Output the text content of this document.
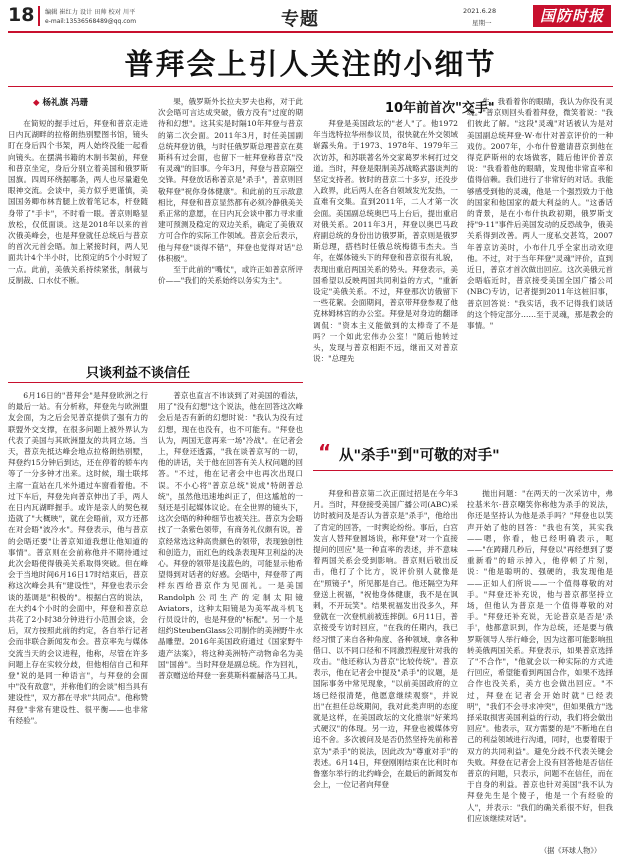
18 编辑 崔红力 设计 田帅 校对 川平
e-mail:13536568489@qq.com	专题	2021.6.28
星期一	国防时报
普拜会上引人关注的小细节
◆ 杨礼旗 冯珊

在简短的握手过后，拜登和普京走进日内瓦湖畔的拉格朗热别墅图书馆，镜头盯在身后四个书架，两人始终没能一起看向镜头。在摆满书籍的木制书架前，拜登和普京坐定，身后分别立着美国和俄罗斯国旗。四周环绕据哪条，两人也尽量避免眼神交流。会谈中，美方似乎更谨慎，美国国务卿布林肯腿上放着笔记本，杆登随身带了"手卡"，不时看一眼。普京则略显放松，仅低面谈。这是2018年以来的首次俄美峰会，也是拜登就任总统后与普京的首次元首会晤。加上紧接时间，两人见面共计4个半小时，比预定的5个小时短了一点。此前，美俄关系持续紧张，制裁与反制裁、口水仗不断。

果，俄罗斯外长拉夫罗夫也称，对于此次会晤可言达成突破，俄方没有"过度的期待和幻想"。这其实是时隔10年拜登与普京的第二次会面。2011年3月，时任美国副总统拜登访俄，与时任俄罗斯总理普京在莫斯科有过会面，也留下一桩拜登称普京"没有灵魂"的旧事。今年3月，拜登与普京隔空交锋。拜登放话称普京是"杀手"，普京则回敬拜登"祝你身体健康"。和此前的互示敌意相比，拜登和普京显然都有必须冷静俄美关系正常的意愿，在日内瓦会谈中都力寻求重建可预测及稳定的双边关系，确定了美俄双方可合作的实际工作领域。普京会后表示，他与拜登"谈得不错"，拜登也觉得对话"总体积极"。

至于此前的"嘴仗"，或许正如普京所评价——"我们的关系始终以务实为主"。

只谈利益不谈信任

6月16日的"普拜会"是拜登欧洲之行的最后一站。有分析称，拜登先与欧洲盟友会面，为之后会见普京提供了强有力的联盟外交支撑，在很多问题上被外界认为代表了美国与其欧洲盟友的共同立场。当天，普京先抵达峰会地点拉格朗热别墅，拜登约15分钟后到达，还在停着的轿车内等了一分多钟才出来。这时候，瑞士联邦主席一直站在几米外通过车窗看着他。不过下车后，拜登先向普京伸出了手，两人在日内瓦湖畔握手。或许是亲人的契色视造就了"大概映"，就在会晤前，双方还都在对会晤"波冷水"。拜登表示，他与普京的会晤还要"让普京知道我想让他知道的事情"。普京则在会前称他并不期待通过此次会晤使得俄美关系取得突破。但在峰会于当地时间6月16日17时结束后，普京称这次峰会具有"建设性"，拜登也表示会谈的基调是"积极的"。根据白宫的说法，在大约4个小时的会面中，拜登和普京总共花了2小时38分钟进行小范围会谈，会后，双方按照此前的约定，各自举行记者会而非联合新闻发布会。普京率先与媒体交流当天的会议进程，他称，尽管在许多问题上存在实较分歧，但他相信自己和拜登"说的是同一种语言"，与拜登的会面中"没有敌意"，并称他们的会谈"相当具有建设性"，双方都在寻求"共同点"。他称赞拜登"非常有建设性、很平衡——也非常有经验"。

普京也直言不讳谈到了对美国的看法，用了"没有幻想"这个说法，他在回答这次峰会后是否有新的幻想时说："我认为没有过幻想，现在也没有，也不可能有。"拜登也认为，两国无意再来一场"冷战"。在记者会上，拜登还透露，"我在谈普京写的一切，他的讲话，关于他在回答有关人权问题的回答。"不过，他在记者会中也再次出现口误。不小心将"普京总统"说成"特朗普总统"，虽然他迅速地纠正了，但这尴尬的一刻还是引起媒体议论。在全世界的镜头下，这次会晤的种种细节也被关注。普京为会晤找了一条紫色领带，有商务礼仪颇有说，普京经常选这种高贵颜色的领带，表现独创性和创造力，而红色的线条表现拜卫利益的决心。拜登的领带是浅蓝色的，可能显示他希望得到对话者的好感。会晤中，拜登带了两样东西给普京作为见面礼。一是美国Randolph公司生产的定制太阳镜Aviators，这种太阳镜是为美军战斗机飞行员设计的，也是拜登的"标配"。另一个是纽约SteubenGlass公司制作的美洲野牛水晶雕塑。2016年美国政府通过《国家野牛遗产法案》，将这种美洲特产动物命名为美国"国兽"。当时拜登是副总统。作为回礼，普京赠送给拜登一套莫斯科霍赫洛马工具。

10年前首次"交手"

拜登是美国政坛的"老人"了。他1972年当选特拉华州参议员，很快就在外交领域崭露头角。于1973、1978年、1979年三次访苏，和苏联著名外交家葛罗米柯打过交道。当时，拜登是限制美苏战略武器谈判的坚定支持者。彼时的普京二十多岁，还没步入政界，此后两人在各自领域发光发热，一直难有交集。直到2011年，二人才第一次会面。美国副总统奥巴马上台后，提出重启对俄关系。2011年3月，拜登以奥巴马政府副总统的身份出访俄罗斯，普京则是俄罗斯总理，搭档时任俄总统梅德韦杰夫。当年，在媒体镜头下的拜登和普京很有礼貌，表现出重启两国关系的势头。拜登表示，美国希望以反映两国共同利益的方式，"重新设定"美俄关系。不过，拜登那次访俄留下一些花絮。会面期间，普京带拜登参观了他克林姆林宫的办公室。拜登是对身边的翻译调侃："资本主义能做到的太棒奇了不是吗？一个如此宏伟办公室！"随后他转过头，发现与普京相距不远，继而又对普京说："总理先

生，我看着你的眼睛，我认为你没有灵魂。"普京则回头看着拜登，微笑着说："我们彼此了解。"这段"灵魂"对话被认为是对美国副总统拜登·W·布什对普京评价的一种戏仿。2007年，小布什曾邀请普京到他在得克萨斯州的农场做客，随后他评价普京说："我看着他的眼睛，发现他非常直率和值得信赖。我们进行了非常好的对话。我能够感受到他的灵魂，他是一个强烈致力于他的国家和他国家的最大利益的人。"这番话的背景，是在小布什执政初期，俄罗斯支持"9·11"事件后美国发动的反恐战争，俄美关系得到改善。两人一度私交甚笃，2007年普京访美时，小布什几乎全家出动欢迎他。不过，对于当年拜登"灵魂"评价，直到近日，普京才首次做出回应。这次美俄元首会晤临近时，普京接受美国全国广播公司(NBC)专访，记者提到2011年这桩旧事，普京回答说："我实话，我不记得我们谈话的这个特定部分……至于灵魂，那是教会的事情。"

“ 从"杀手"到"可敬的对手"

拜登和普京第二次正面过招是在今年3月。当时，拜登接受美国广播公司(ABC)采访时被问及是否认为普京是"杀手"，他给出了肯定的回答，一时舆论纷纷。事后，白宫发言人替拜登圆场说，称拜登"对一个直接提问的回应"是一种直率的表述，并不意味着两国关系会受到影响。普京则后敬出反击，他打了个比方，说评价别人就像是在"照镜子"，所见都是自己。他还隔空为拜登送上祝福，"祝他身体健康，我不是在讽刺，不开玩笑"。结果祝福发出没多久，拜登就在一次登机前被连摔倒。6月11日，普京接受专访时回应，"在我的任期内，我已经习惯了来自各种角度、各种领域、拿各种借口、以不同口径和不同激烈程度针对我的攻击。"他还称认为普京"比较传统"。普京表示，他在记者会中提及"杀手"的议题，是国际事务中常见现象，"以前美国政府的立场已经很清楚，他愿意继续观察"，并说出"在担任总统期间，我对此类声明的态度就是这样，在美国政坛的文化推崇"好莱坞式硬汉"的体现。另一边，拜登也被媒体穷追不舍。多次被问及是否仍然坚持先前称普京为"杀手"的说法，因此改为"尊重对手"的表述。6月14日，拜登刚刚结束在比利时布鲁塞尔举行的北约峰会，在最后的新闻发布会上，一位记者向拜登

抛出问题："在两天的一次采访中，弗拉基米尔·普京嘲笑你称他为杀手的说法，你还是坚持认为他是杀手吗？"拜登也以笑声开始了他的回答："我也有笑，其实我——嗯，你看，他已经明确表示，呃——"在踌躇几秒后，拜登以"再经想到了要重新看"的暗示掉入，他停顿了片刻，说："他是聪明的、强硬的，我发现他是——正如人们所说——一个值得尊敬的对手。"拜登还补充说，他与普京都坚持立场，但他认为普京是一个值得尊敬的对手。"拜登还补充说，无论普京是否是'杀手'，他都意识到，作为总统，还是要与俄罗斯领导人举行峰会，因为这都可能影响扭转美俄两国关系。拜登表示，如果普京选择了"不合作"，"他就会以一种实际的方式进行回应，希望能看到两国合作，如果不选择合作也没关系，美方也会做出回应。"不过，拜登在记者会开始时就"已经表明"，"我们不会寻求冲突"，但如果俄方"选择采取损害美国利益的行动，我们将会做出回应"。他表示，双方需要的是"不断地在自己的利益领域进行沟通，同时，也要着眼于双方的共同利益"。避免分歧不代表关键会失败。拜登在记者会上没有回答他是否信任普京的问题，只表示，问题不在信任，而在于自身的利益。普京也针对美国"我不认为拜登先生是个傻子，他是一个有经验的人"，并表示："我们的确关系很不好，但我们应该继续对话"。

（据《环球人物》）
